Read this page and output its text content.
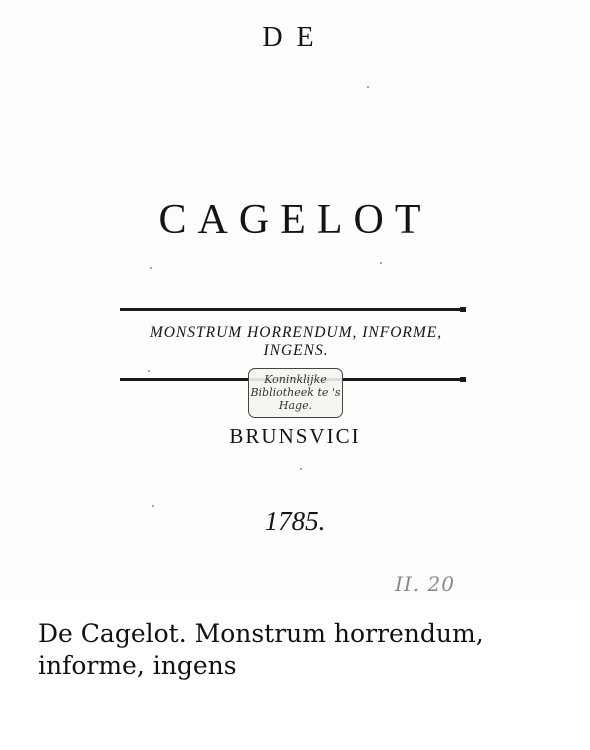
DE
CAGELOT
MONSTRUM HORRENDUM, INFORME,
INGENS.
Koninklijke Bibliotheek te 's Hage.
BRUNSVICI
1785.
II. 20
De Cagelot. Monstrum horrendum, informe, ingens
